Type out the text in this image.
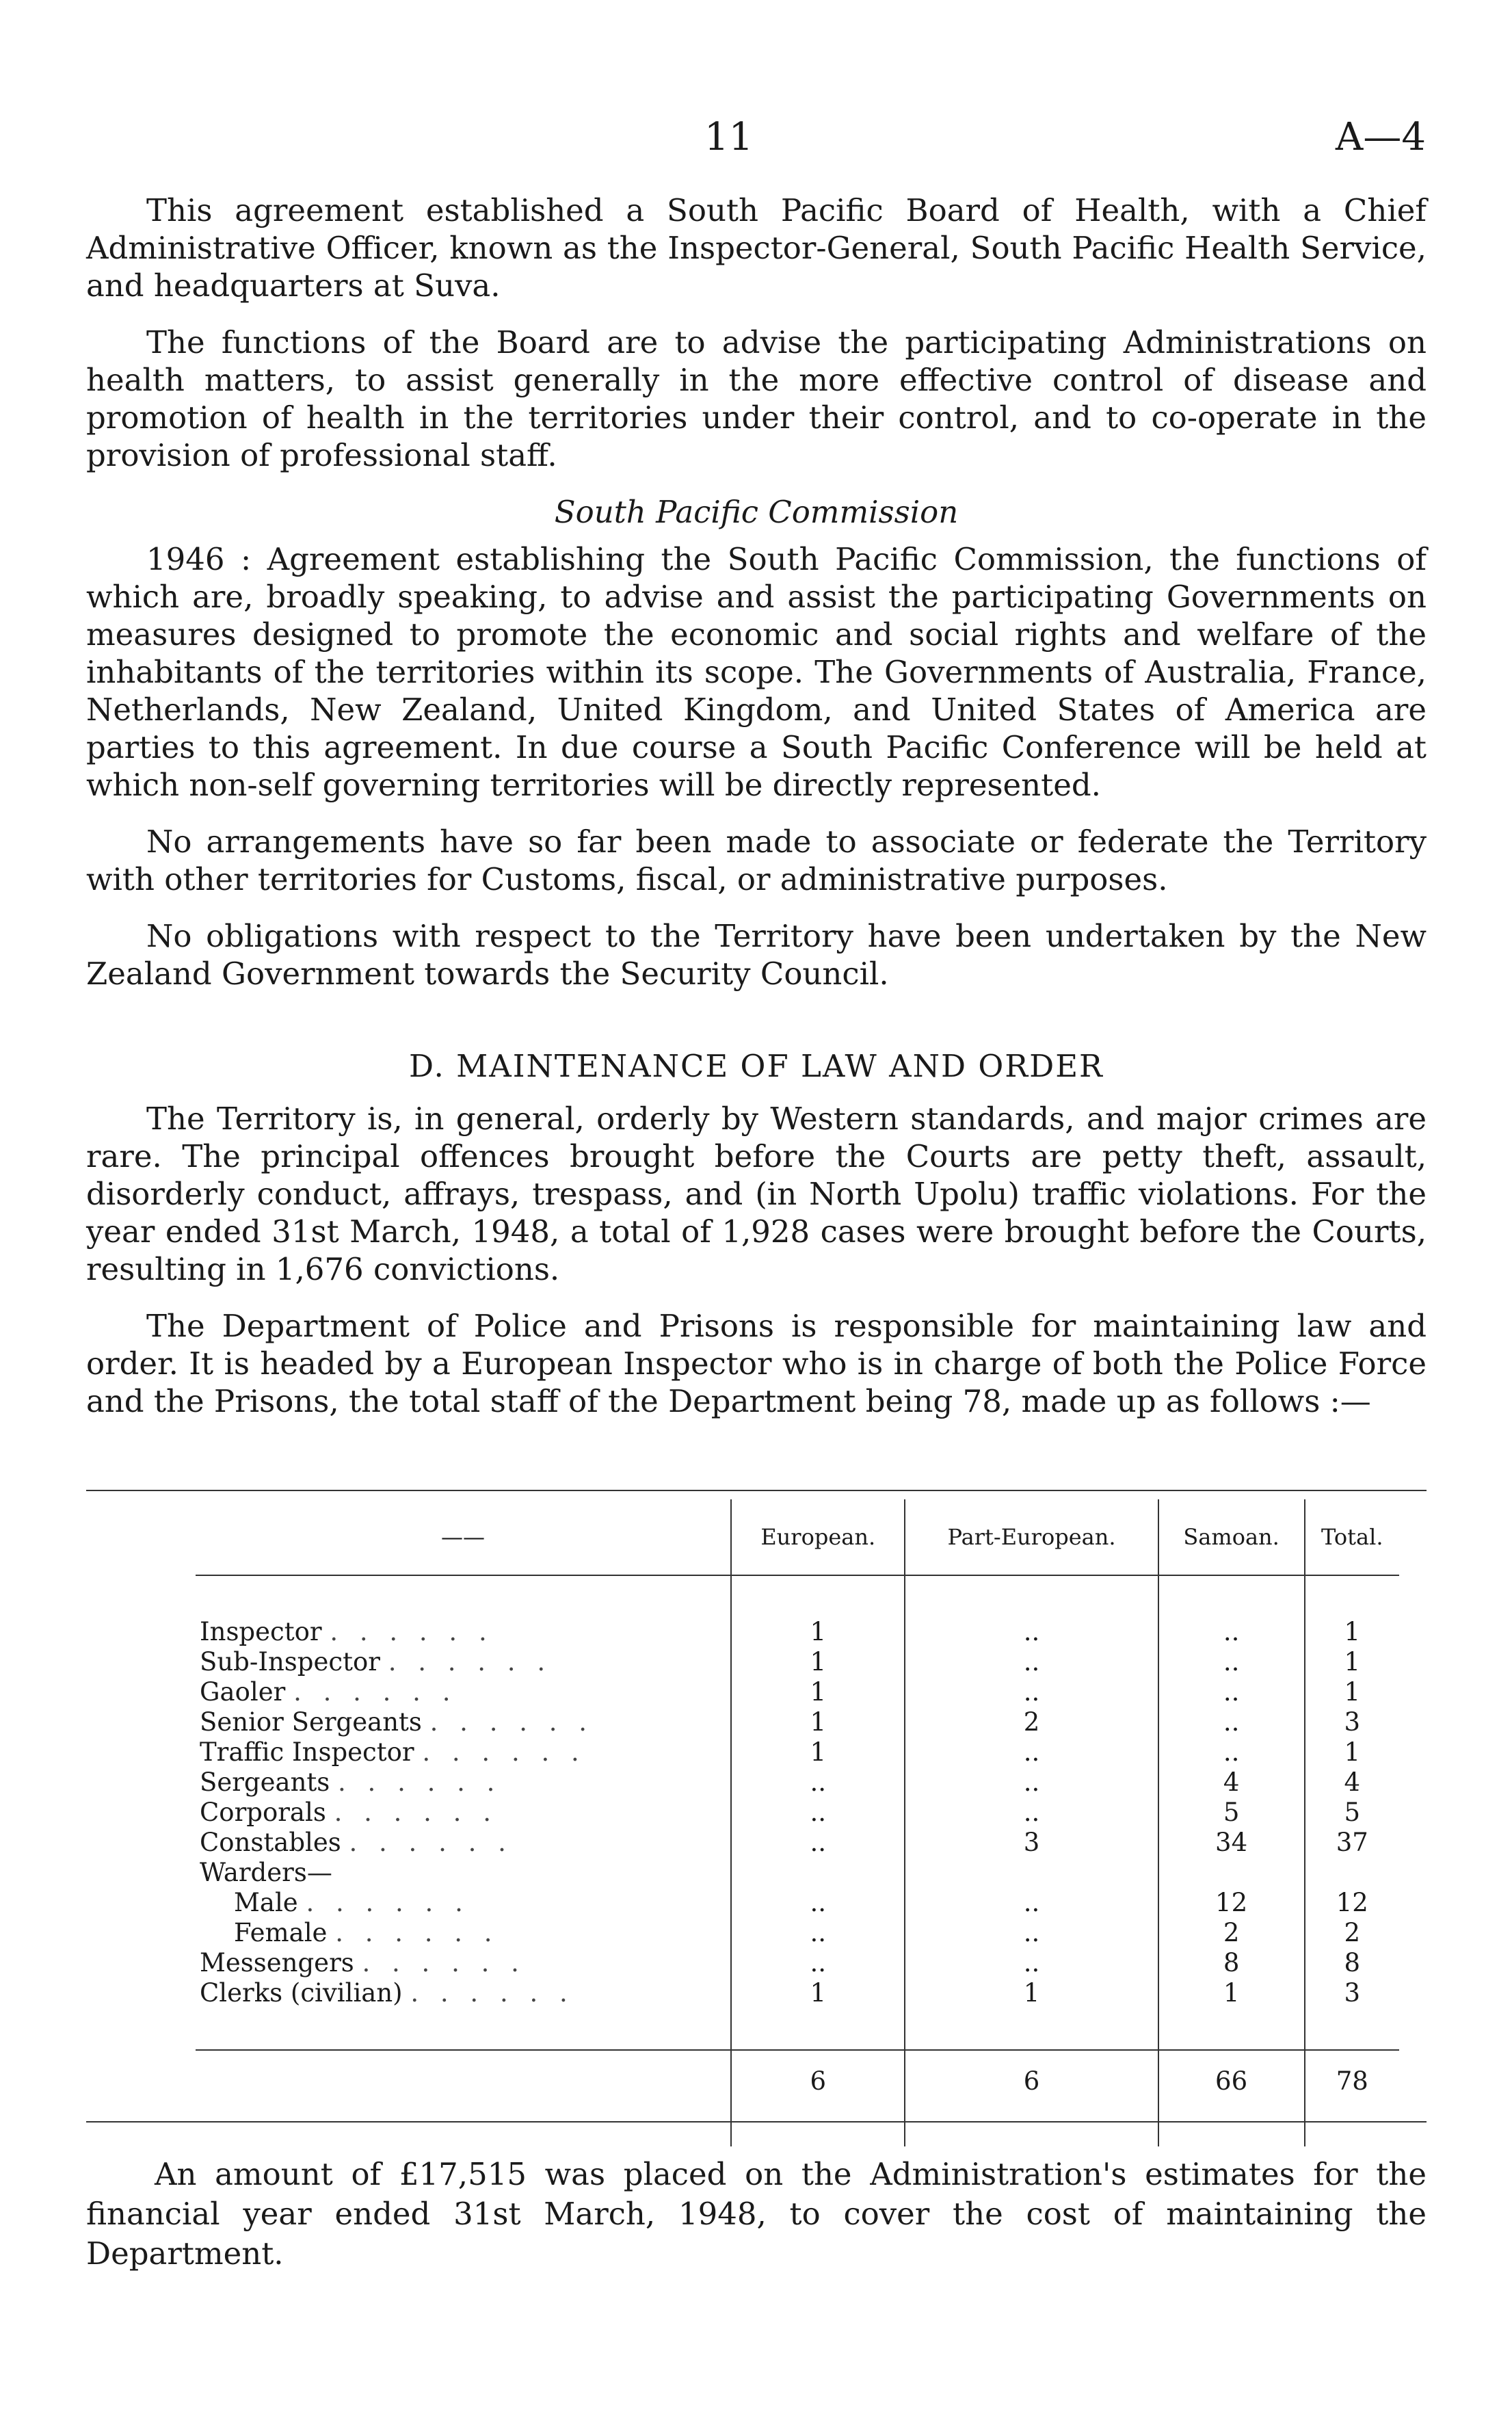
11	A—4

This agreement established a South Pacific Board of Health, with a Chief Administrative Officer, known as the Inspector-General, South Pacific Health Service, and headquarters at Suva.

The functions of the Board are to advise the participating Administrations on health matters, to assist generally in the more effective control of disease and promotion of health in the territories under their control, and to co-operate in the provision of professional staff.

South Pacific Commission

1946 : Agreement establishing the South Pacific Commission, the functions of which are, broadly speaking, to advise and assist the participating Governments on measures designed to promote the economic and social rights and welfare of the inhabitants of the territories within its scope. The Governments of Australia, France, Netherlands, New Zealand, United Kingdom, and United States of America are parties to this agreement. In due course a South Pacific Conference will be held at which non-self governing territories will be directly represented.

No arrangements have so far been made to associate or federate the Territory with other territories for Customs, fiscal, or administrative purposes.

No obligations with respect to the Territory have been undertaken by the New Zealand Government towards the Security Council.

D. MAINTENANCE OF LAW AND ORDER

The Territory is, in general, orderly by Western standards, and major crimes are rare. The principal offences brought before the Courts are petty theft, assault, disorderly conduct, affrays, trespass, and (in North Upolu) traffic violations. For the year ended 31st March, 1948, a total of 1,928 cases were brought before the Courts, resulting in 1,676 convictions.

The Department of Police and Prisons is responsible for maintaining law and order. It is headed by a European Inspector who is in charge of both the Police Force and the Prisons, the total staff of the Department being 78, made up as follows :—

——	European.	Part-European.	Samoan.	Total.

Inspector . . . . . .	1	..	..	1
Sub-Inspector . . . . . .	1	..	..	1
Gaoler . . . . . .	1	..	..	1
Senior Sergeants . . . . . .	1	2	..	3
Traffic Inspector . . . . . .	1	..	..	1
Sergeants . . . . . .	..	..	4	4
Corporals . . . . . .	..	..	5	5
Constables . . . . . .	..	3	34	37
Warders—				
Male . . . . . .	..	..	12	12
Female . . . . . .	..	..	2	2
Messengers . . . . . .	..	..	8	8
Clerks (civilian) . . . . . .	1	1	1	3

	6	6	66	78

An amount of £17,515 was placed on the Administration's estimates for the financial year ended 31st March, 1948, to cover the cost of maintaining the Department.
